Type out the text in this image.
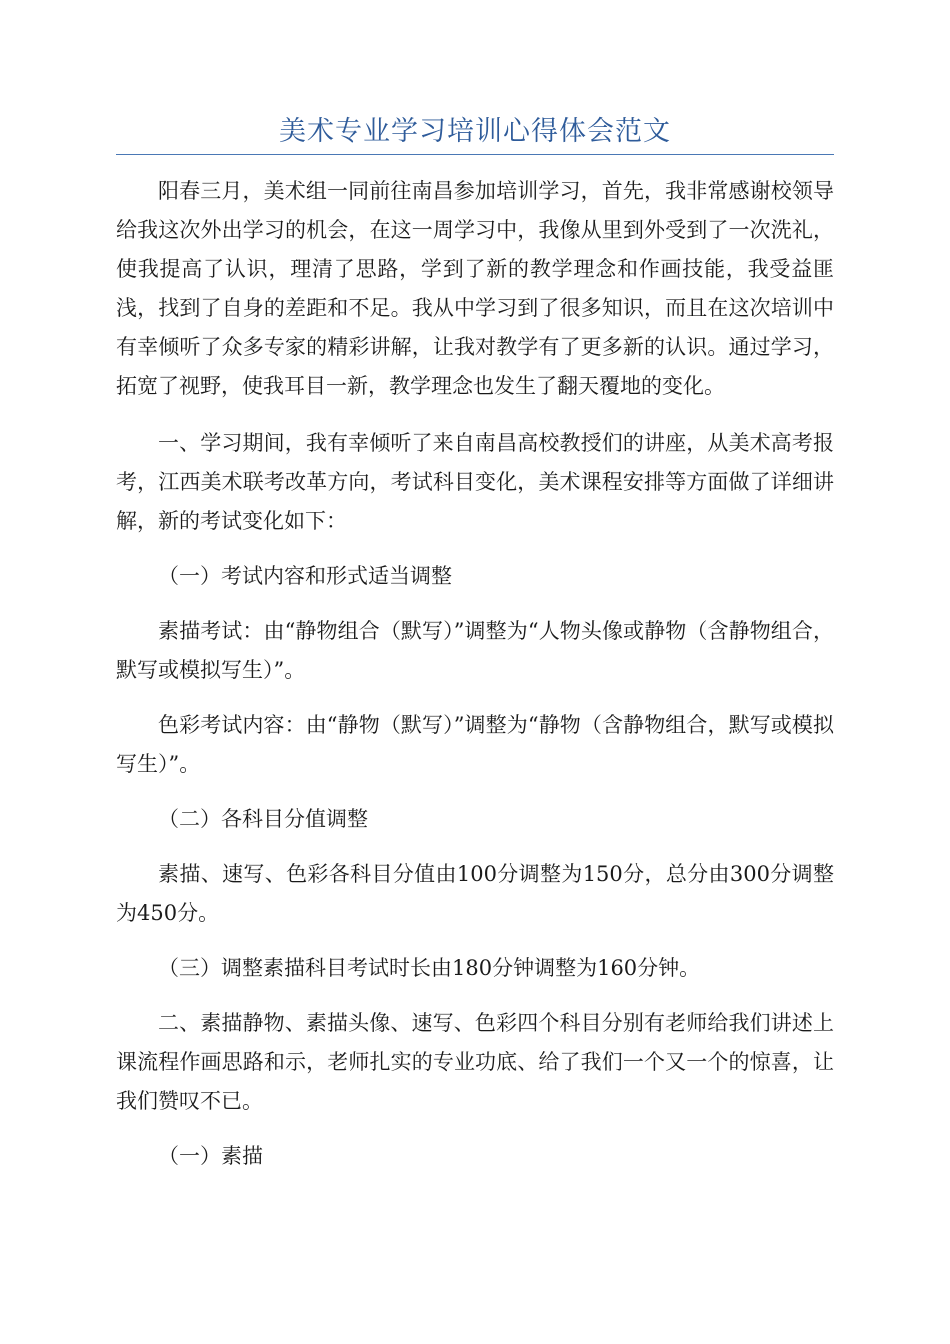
美术专业学习培训心得体会范文

阳春三月，美术组一同前往南昌参加培训学习，首先，我非常感谢校领导给我这次外出学习的机会，在这一周学习中，我像从里到外受到了一次洗礼，使我提高了认识，理清了思路，学到了新的教学理念和作画技能，我受益匪浅，找到了自身的差距和不足。我从中学习到了很多知识，而且在这次培训中有幸倾听了众多专家的精彩讲解，让我对教学有了更多新的认识。通过学习，拓宽了视野，使我耳目一新，教学理念也发生了翻天覆地的变化。

一、学习期间，我有幸倾听了来自南昌高校教授们的讲座，从美术高考报考，江西美术联考改革方向，考试科目变化，美术课程安排等方面做了详细讲解，新的考试变化如下：

（一）考试内容和形式适当调整

素描考试：由“静物组合（默写）”调整为“人物头像或静物（含静物组合，默写或模拟写生）”。

色彩考试内容：由“静物（默写）”调整为“静物（含静物组合，默写或模拟写生）”。

（二）各科目分值调整

素描、速写、色彩各科目分值由100分调整为150分，总分由300分调整为450分。

（三）调整素描科目考试时长由180分钟调整为160分钟。

二、素描静物、素描头像、速写、色彩四个科目分别有老师给我们讲述上课流程作画思路和示，老师扎实的专业功底、给了我们一个又一个的惊喜，让我们赞叹不已。

（一）素描
